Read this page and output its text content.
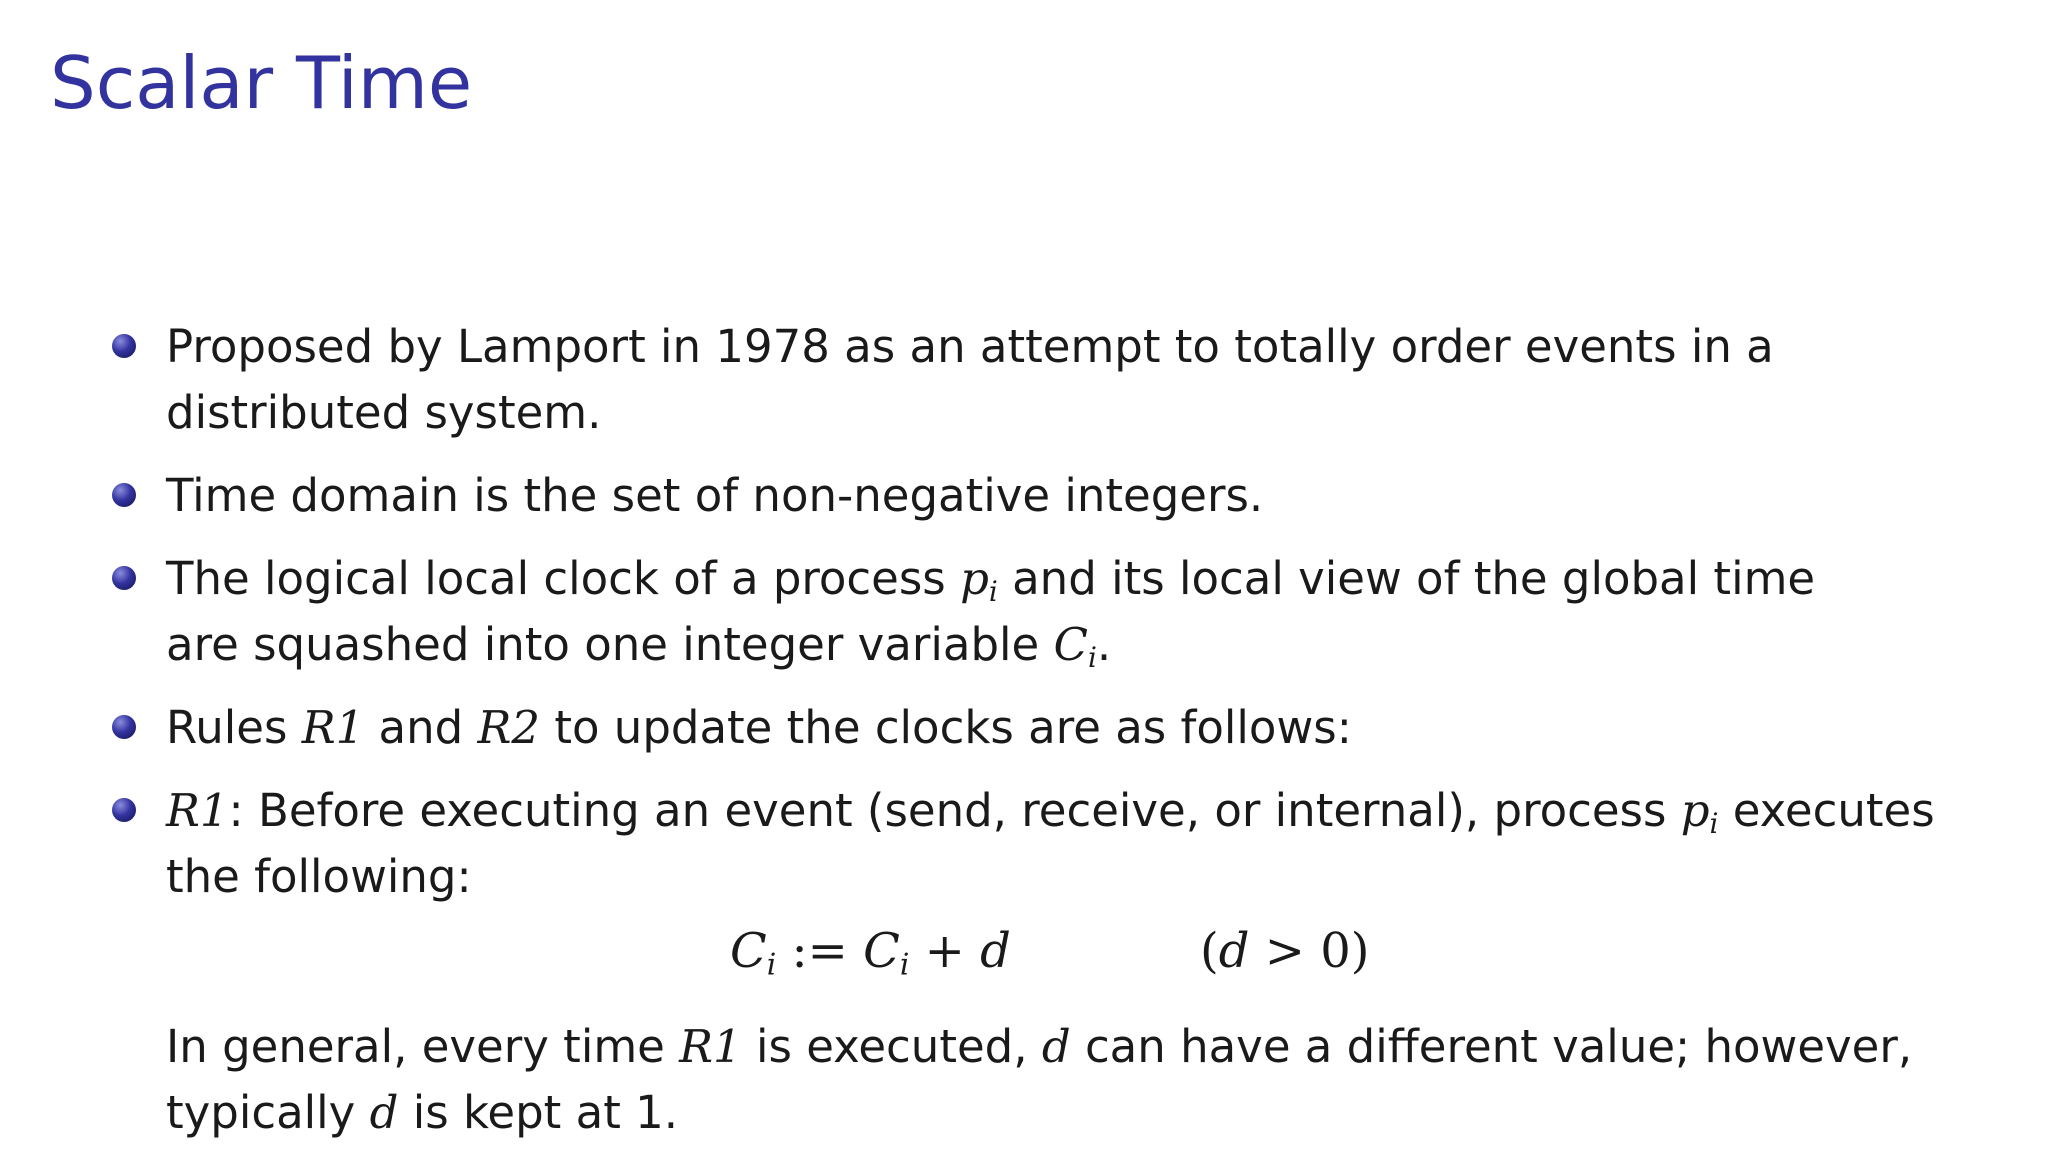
Scalar Time
Proposed by Lamport in 1978 as an attempt to totally order events in a
distributed system.
Time domain is the set of non-negative integers.
The logical local clock of a process $p_i$ and its local view of the global time
are squashed into one integer variable $C_i$.
Rules R1 and R2 to update the clocks are as follows:
R1: Before executing an event (send, receive, or internal), process $p_i$ executes
the following:
$C_i$ := $C_i + d$	(d > 0)
In general, every time R1 is executed, d can have a different value; however,
typically d is kept at 1.
